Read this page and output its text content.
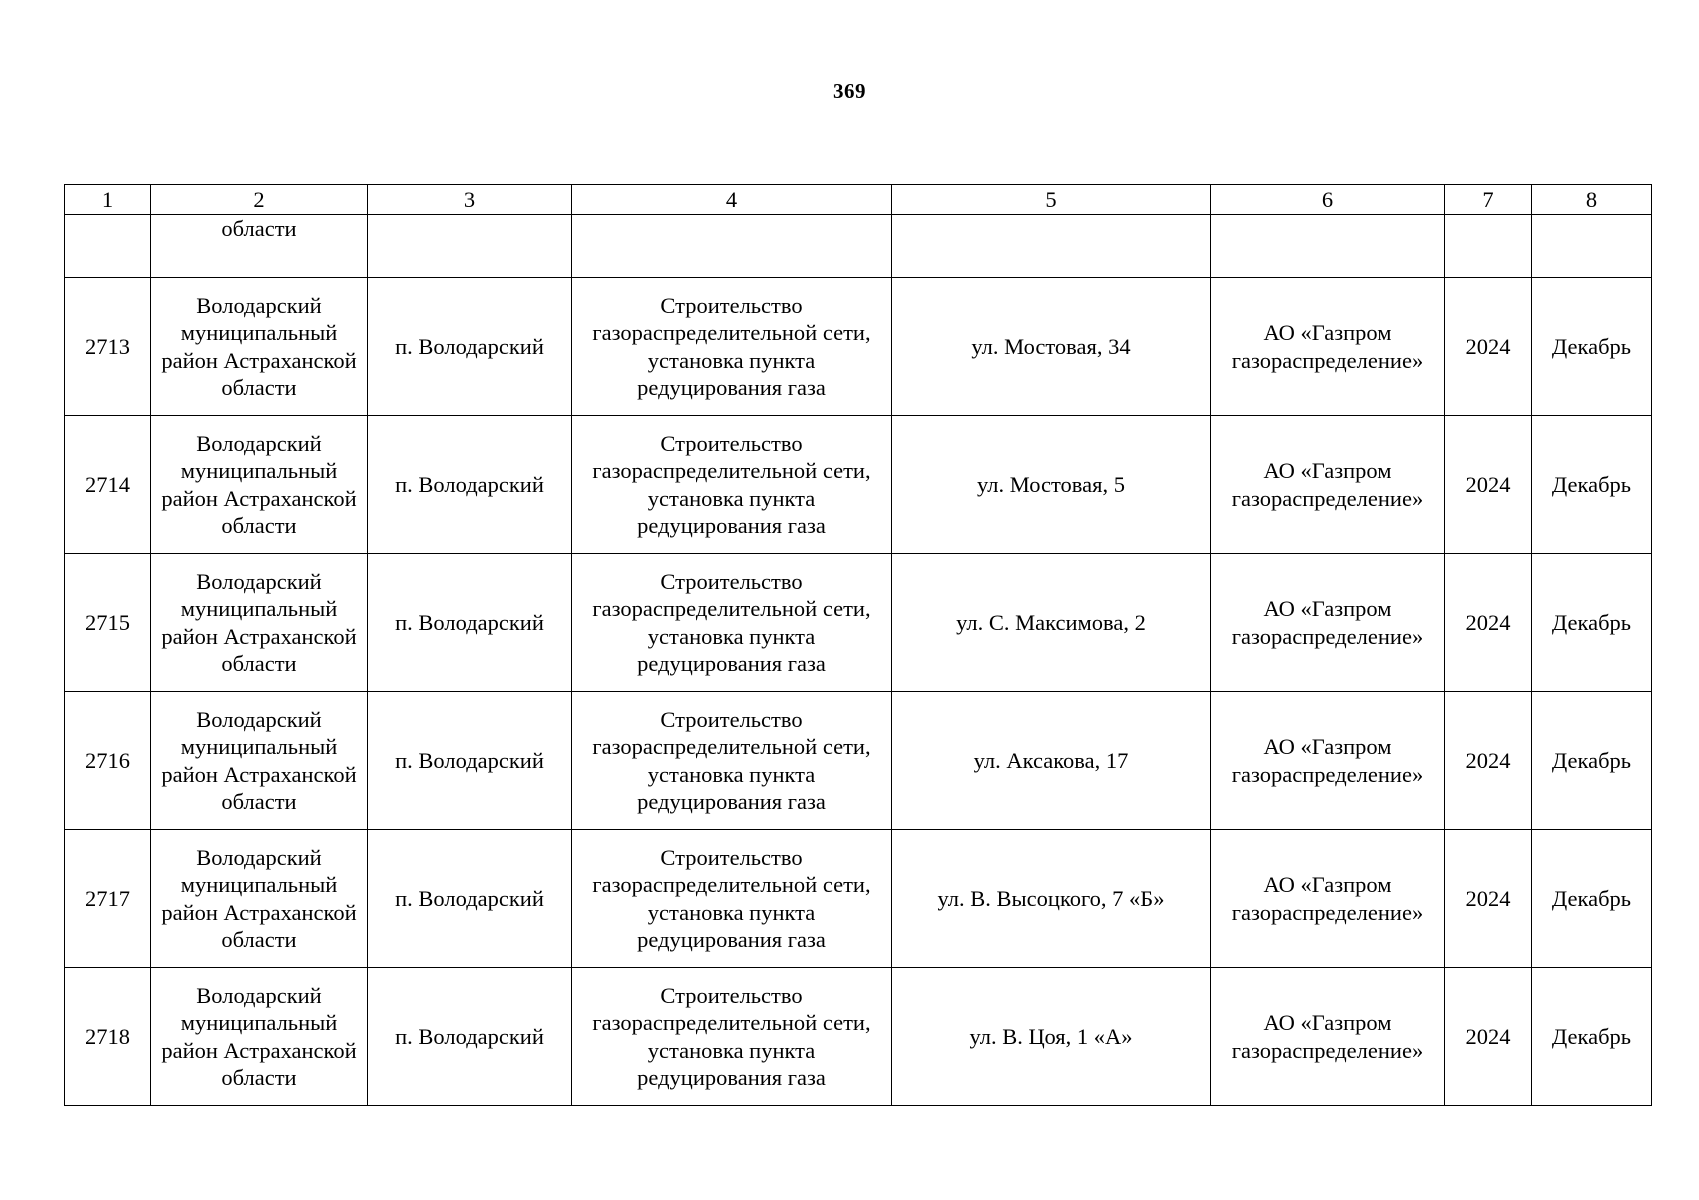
369
1	2	3	4	5	6	7	8
	области						
2713	Володарский муниципальный район Астраханской области	п. Володарский	Строительство газораспределительной сети, установка пункта редуцирования газа	ул. Мостовая, 34	АО «Газпром газораспределение»	2024	Декабрь
2714	Володарский муниципальный район Астраханской области	п. Володарский	Строительство газораспределительной сети, установка пункта редуцирования газа	ул. Мостовая, 5	АО «Газпром газораспределение»	2024	Декабрь
2715	Володарский муниципальный район Астраханской области	п. Володарский	Строительство газораспределительной сети, установка пункта редуцирования газа	ул. С. Максимова, 2	АО «Газпром газораспределение»	2024	Декабрь
2716	Володарский муниципальный район Астраханской области	п. Володарский	Строительство газораспределительной сети, установка пункта редуцирования газа	ул. Аксакова, 17	АО «Газпром газораспределение»	2024	Декабрь
2717	Володарский муниципальный район Астраханской области	п. Володарский	Строительство газораспределительной сети, установка пункта редуцирования газа	ул. В. Высоцкого, 7 «Б»	АО «Газпром газораспределение»	2024	Декабрь
2718	Володарский муниципальный район Астраханской области	п. Володарский	Строительство газораспределительной сети, установка пункта редуцирования газа	ул. В. Цоя, 1 «А»	АО «Газпром газораспределение»	2024	Декабрь
